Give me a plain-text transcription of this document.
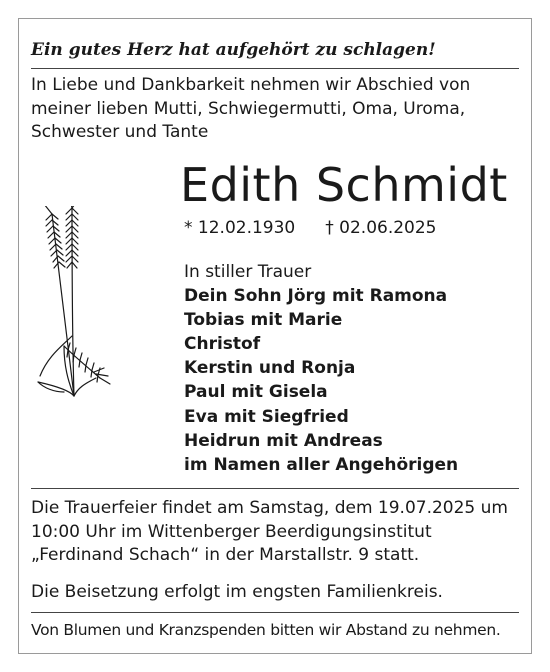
Ein gutes Herz hat aufgehört zu schlagen!
In Liebe und Dankbarkeit nehmen wir Abschied von meiner lieben Mutti, Schwiegermutti, Oma, Uroma, Schwester und Tante
Edith Schmidt
* 12.02.1930 † 02.06.2025
In stiller Trauer
Dein Sohn Jörg mit Ramona
Tobias mit Marie
Christof
Kerstin und Ronja
Paul mit Gisela
Eva mit Siegfried
Heidrun mit Andreas
im Namen aller Angehörigen
Die Trauerfeier findet am Samstag, dem 19.07.2025 um 10:00 Uhr im Wittenberger Beerdigungsinstitut „Ferdinand Schach“ in der Marstallstr. 9 statt.
Die Beisetzung erfolgt im engsten Familienkreis.
Von Blumen und Kranzspenden bitten wir Abstand zu nehmen.
